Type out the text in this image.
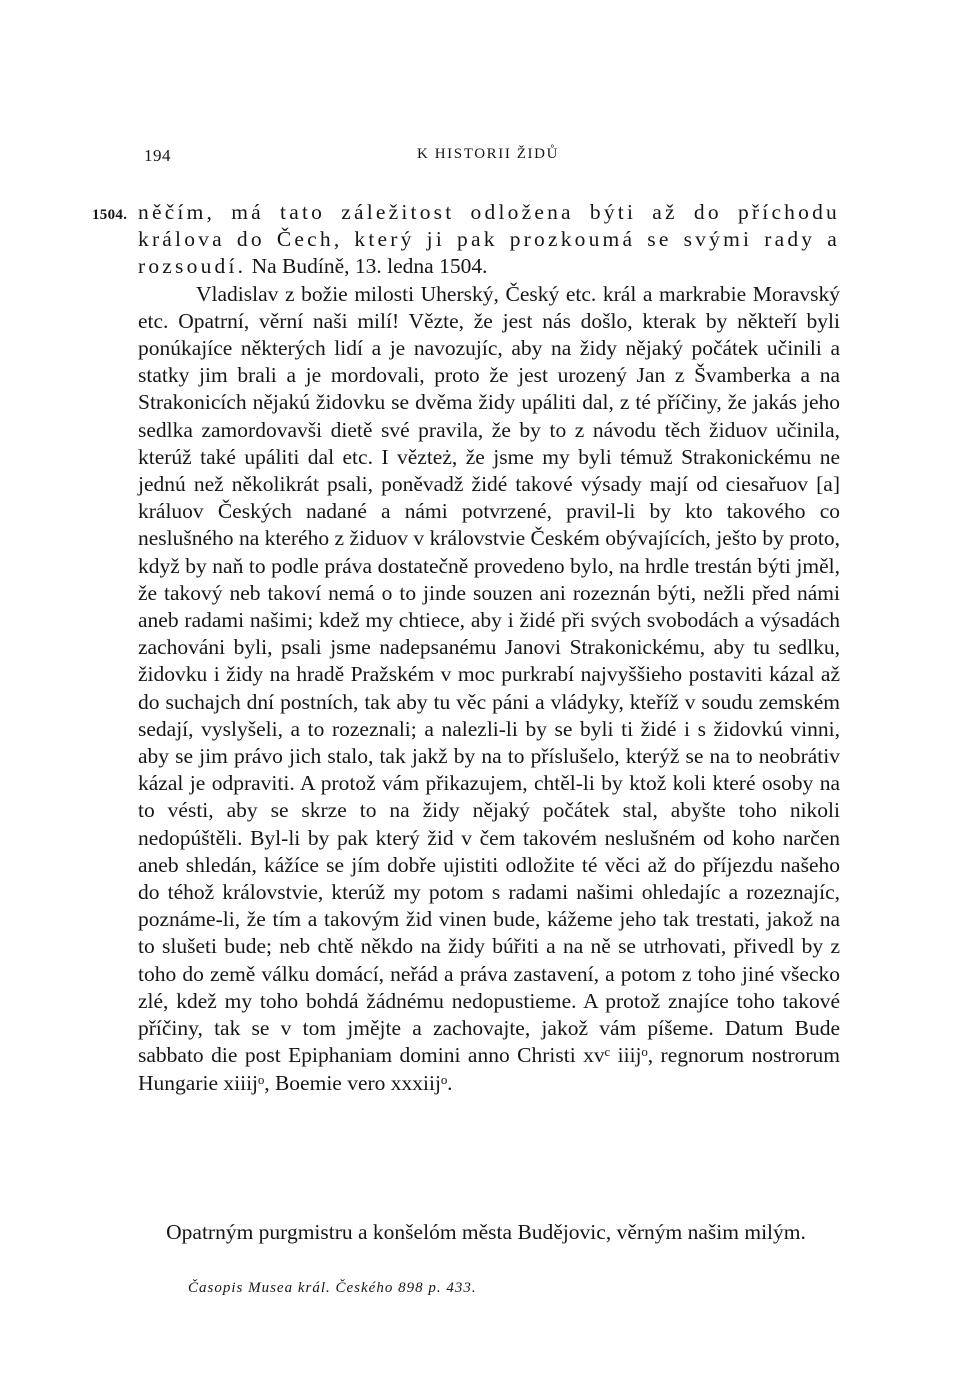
194	K HISTORII ŽIDŮ
1504. něčím, má tato záležitost odložena býti až do příchodu králova do Čech, který ji pak prozkoumá se svými rady a rozsoudí. Na Budíně, 13. ledna 1504.

Vladislav z božie milosti Uherský, Český etc. král a markrabie Moravský etc. Opatrní, věrní naši milí! Vězte, že jest nás došlo, kterak by někteří byli ponúkajíce některých lidí a je navozujíc, aby na židy nějaký počátek učinili a statky jim brali a je mordovali, proto že jest urozený Jan z Švamberka a na Strakonicích nějakú židovku se dvěma židy upáliti dal, z té příčiny, že jakás jeho sedlka zamordovavši dietě své pravila, že by to z návodu těch židuov učinila, kterúž také upáliti dal etc. I vězteż, že jsme my byli témuž Strakonickému ne jednú než několikrát psali, poněvadž židé takové výsady mají od ciesařuov [a] králuov Českých nadané a námi potvrzené, pravil-li by kto takového co neslušného na kterého z židuov v královstvie Českém obývajících, ješto by proto, když by naň to podle práva dostatečně provedeno bylo, na hrdle trestán býti jměl, že takový neb takoví nemá o to jinde souzen ani rozeznán býti, nežli před námi aneb radami našimi; kdež my chtiece, aby i židé při svých svobodách a výsadách zachováni byli, psali jsme nadepsanému Janovi Strakonickému, aby tu sedlku, židovku i židy na hradě Pražském v moc purkrabí najvyššieho postaviti kázal až do suchajch dní postních, tak aby tu věc páni a vládyky, kteříž v soudu zemském sedají, vyslyšeli, a to rozeznali; a nalezli-li by se byli ti židé i s židovkú vinni, aby se jim právo jich stalo, tak jakž by na to příslušelo, kterýž se na to neobrátiv kázal je odpraviti. A protož vám přikazujem, chtěl-li by ktož koli které osoby na to vésti, aby se skrze to na židy nějaký počátek stal, abyšte toho nikoli nedopúštěli. Byl-li by pak který žid v čem takovém neslušném od koho narčen aneb shledán, kážíce se jím dobře ujistiti odložite té věci až do příjezdu našeho do téhož královstvie, kterúž my potom s radami našimi ohledajíc a rozeznajíc, poznáme-li, že tím a takovým žid vinen bude, kážeme jeho tak trestati, jakož na to slušeti bude; neb chtě někdo na židy búřiti a na ně se utrhovati, přivedl by z toho do země válku domácí, neřád a práva zastavení, a potom z toho jiné všecko zlé, kdež my toho bohdá žádnému nedopustieme. A protož znajíce toho takové příčiny, tak se v tom jmějte a zachovajte, jakož vám píšeme. Datum Bude sabbato die post Epiphaniam domini anno Christi xvᶜ iiijᵒ, regnorum nostrorum Hungarie xiiijᵒ, Boemie vero xxxiijᵒ.

Opatrným purgmistru a konšelóm města Budějovic, věrným našim milým.
Časopis Musea král. Českého 898 p. 433.
